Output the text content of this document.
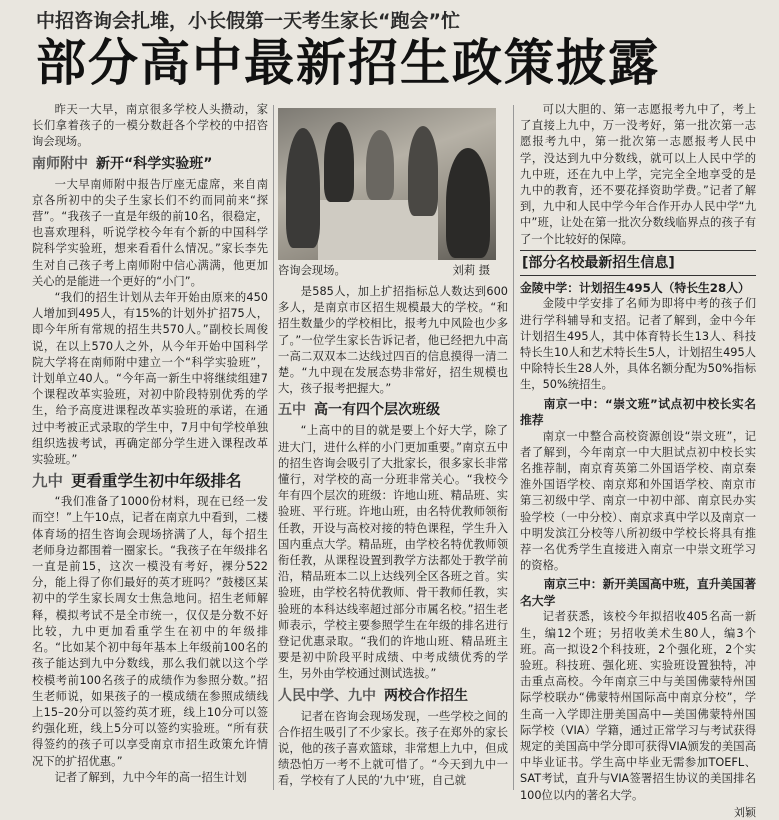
中招咨询会扎堆，小长假第一天考生家长“跑会”忙
部分高中最新招生政策披露

昨天一大早，南京很多学校人头攒动，家长们拿着孩子的一模分数赶各个学校的中招咨询会现场。

南师附中 新开“科学实验班”

一大早南师附中报告厅座无虚席，来自南京各所初中的尖子生家长们不约而同前来“探营”。“我孩子一直是年级的前10名，很稳定，也喜欢理科，听说学校今年有个新的中国科学院科学实验班，想来看看什么情况。”家长李先生对自己孩子考上南师附中信心满满，他更加关心的是能进一个更好的“小门”。

“我们的招生计划从去年开始由原来的450人增加到495人，有15%的计划外扩招75人，即今年所有常规的招生共570人。”副校长周俊说，在以上570人之外，从今年开始中国科学院大学将在南师附中建立一个“科学实验班”，计划单立40人。“今年高一新生中将继续组建7个课程改革实验班，对初中阶段特别优秀的学生，给予高度进课程改革实验班的承诺，在通过中考被正式录取的学生中，7月中旬学校单独组织选拔考试，再确定部分学生进入课程改革实验班。”

九中 更看重学生初中年级排名

“我们准备了1000份材料，现在已经一发而空！”上午10点，记者在南京九中看到，二楼体育场的招生咨询会现场挤满了人，每个招生老师身边都围着一圈家长。“我孩子在年级排名一直是前15，这次一模没有考好，裸分522分，能上得了你们最好的英才班吗？”鼓楼区某初中的学生家长周女士焦急地问。招生老师解释，模拟考试不是全市统一，仅仅是分数不好比较，九中更加看重学生在初中的年级排名。“比如某个初中每年基本上年级前100名的孩子能达到九中分数线，那么我们就以这个学校模考前100名孩子的成绩作为参照分数。”招生老师说，如果孩子的一模成绩在参照成绩线上15–20分可以签约英才班，线上10分可以签约强化班，线上5分可以签约实验班。“所有获得签约的孩子可以享受南京市招生政策允许情况下的扩招优惠。”

记者了解到，九中今年的高一招生计划

咨询会现场。	刘莉 摄

是585人，加上扩招指标总人数达到600多人，是南京市区招生规模最大的学校。“和招生数量少的学校相比，报考九中风险也少多了。”一位学生家长告诉记者，他已经把九中高一高二双双本二达线过四百的信息摸得一清二楚。“九中现在发展态势非常好，招生规模也大，孩子报考把握大。”

五中 高一有四个层次班级

“上高中的目的就是要上个好大学，除了进大门，进什么样的小门更加重要。”南京五中的招生咨询会吸引了大批家长，很多家长非常懂行，对学校的高一分班非常关心。“我校今年有四个层次的班级：许地山班、精品班、实验班、平行班。许地山班，由名特优教师领衔任教，开设与高校对接的特色课程，学生升入国内重点大学。精品班，由学校名特优教师领衔任教，从课程设置到教学方法都处于教学前沿，精品班本二以上达线列全区各班之首。实验班，由学校名特优教师、骨干教师任教，实验班的本科达线率超过部分市属名校。”招生老师表示，学校主要参照学生在年级的排名进行登记优惠录取。“我们的许地山班、精品班主要是初中阶段平时成绩、中考成绩优秀的学生，另外由学校通过测试选拔。”

人民中学、九中 两校合作招生

记者在咨询会现场发现，一些学校之间的合作招生吸引了不少家长。孩子在郑外的家长说，他的孩子喜欢篮球，非常想上九中，但成绩恐怕万一考不上就可惜了。“今天到九中一看，学校有了人民的‘九中’班，自己就

可以大胆的、第一志愿报考九中了，考上了直接上九中，万一没考好，第一批次第一志愿报考九中，第一批次第一志愿报考人民中学，没达到九中分数线，就可以上人民中学的九中班，还在九中上学，完完全全地享受的是九中的教育，还不要花择资助学费。”记者了解到，九中和人民中学今年合作开办人民中学“九中”班，让处在第一批次分数线临界点的孩子有了一个比较好的保障。

[部分名校最新招生信息]
金陵中学：计划招生495人（特长生28人）

金陵中学安排了名师为即将中考的孩子们进行学科辅导和支招。记者了解到，金中今年计划招生495人，其中体育特长生13人、科技特长生10人和艺术特长生5人，计划招生495人中除特长生28人外，具体名额分配为50%指标生，50%统招生。

南京一中：“崇文班”试点初中校长实名推荐

南京一中整合高校资源创设“崇文班”，记者了解到，今年南京一中大胆试点初中校长实名推荐制，南京育英第二外国语学校、南京秦淮外国语学校、南京郑和外国语学校、南京市第三初级中学、南京一中初中部、南京民办实验学校（一中分校）、南京求真中学以及南京一中明发滨江分校等八所初级中学校长将具有推荐一名优秀学生直接进入南京一中崇文班学习的资格。

南京三中：新开美国高中班，直升美国著名大学

记者获悉，该校今年拟招收405名高一新生，编12个班；另招收美术生80人，编3个班。高一拟设2个科技班，2个强化班，2个实验班。科技班、强化班、实验班设置独特，冲击重点高校。今年南京三中与美国佛蒙特州国际学校联办“佛蒙特州国际高中南京分校”，学生高一入学即注册美国高中—美国佛蒙特州国际学校（VIA）学籍，通过正常学习与考试获得规定的美国高中学分即可获得VIA颁发的美国高中毕业证书。学生高中毕业无需参加TOEFL、SAT考试，直升与VIA签署招生协议的美国排名100位以内的著名大学。

刘颖
